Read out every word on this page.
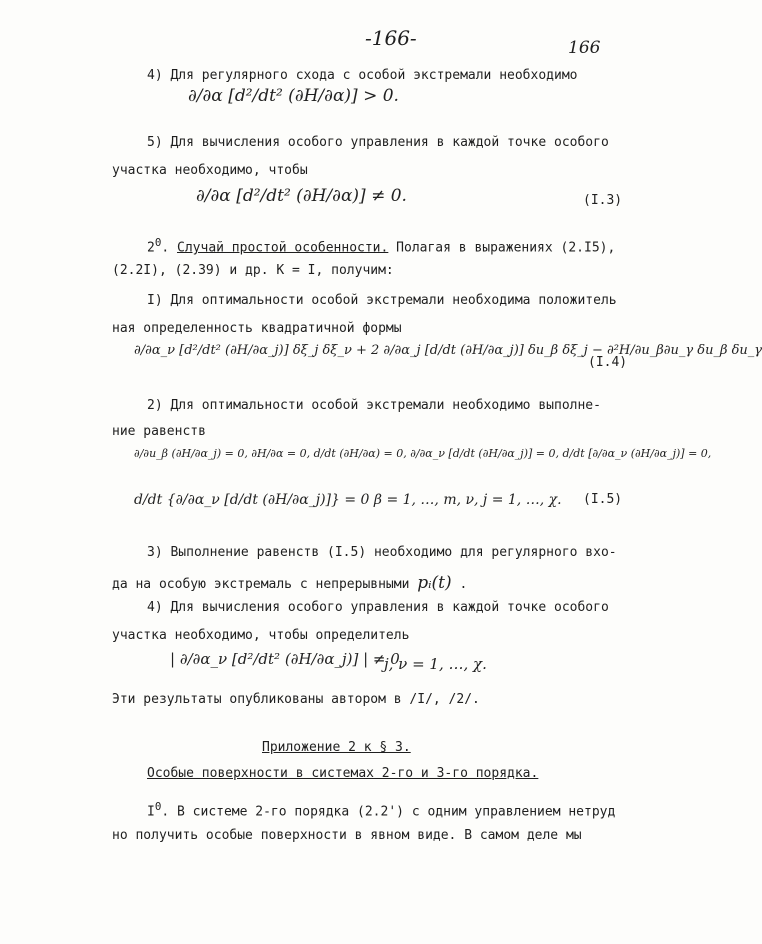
-166-	166
4) Для регулярного схода с особой экстремали необходимо
∂/∂α [d²/dt² (∂H/∂α)] > 0.
5) Для вычисления особого управления в каждой точке особого
участка необходимо, чтобы
∂/∂α [d²/dt² (∂H/∂α)] ≠ 0.	(I.3)
$2^0$. Случай простой особенности. Полагая в выражениях (2.I5),
(2.2I), (2.39) и др. K = I, получим:
I) Для оптимальности особой экстремали необходима положитель
ная определенность квадратичной формы
∂/∂α_ν [d²/dt² (∂H/∂α_j)] δξ_j δξ_ν + 2 ∂/∂α_j [d/dt (∂H/∂α_j)] δu_β δξ_j − ∂²H/∂u_β∂u_γ δu_β δu_γ
(I.4)
2) Для оптимальности особой экстремали необходимо выполне-
ние равенств
∂/∂u_β (∂H/∂α_j) = 0, ∂H/∂α = 0, d/dt (∂H/∂α) = 0, ∂/∂α_ν [d/dt (∂H/∂α_j)] = 0, d/dt [∂/∂α_ν (∂H/∂α_j)] = 0,
d/dt {∂/∂α_ν [d/dt (∂H/∂α_j)]} = 0 β = 1, …, m, ν, j = 1, …, χ. (I.5)
3) Выполнение равенств (I.5) необходимо для регулярного вхо-
да на особую экстремаль с непрерывными pᵢ(t) .
4) Для вычисления особого управления в каждой точке особого
участка необходимо, чтобы определитель
| ∂/∂α_ν [d²/dt² (∂H/∂α_j)] | ≠ 0
j, ν = 1, …, χ.
Эти результаты опубликованы автором в /I/, /2/.
Приложение 2 к § 3.
Особые поверхности в системах 2-го и 3-го порядка.
$I^0$. В системе 2-го порядка (2.2') с одним управлением нетруд
но получить особые поверхности в явном виде. В самом деле мы
